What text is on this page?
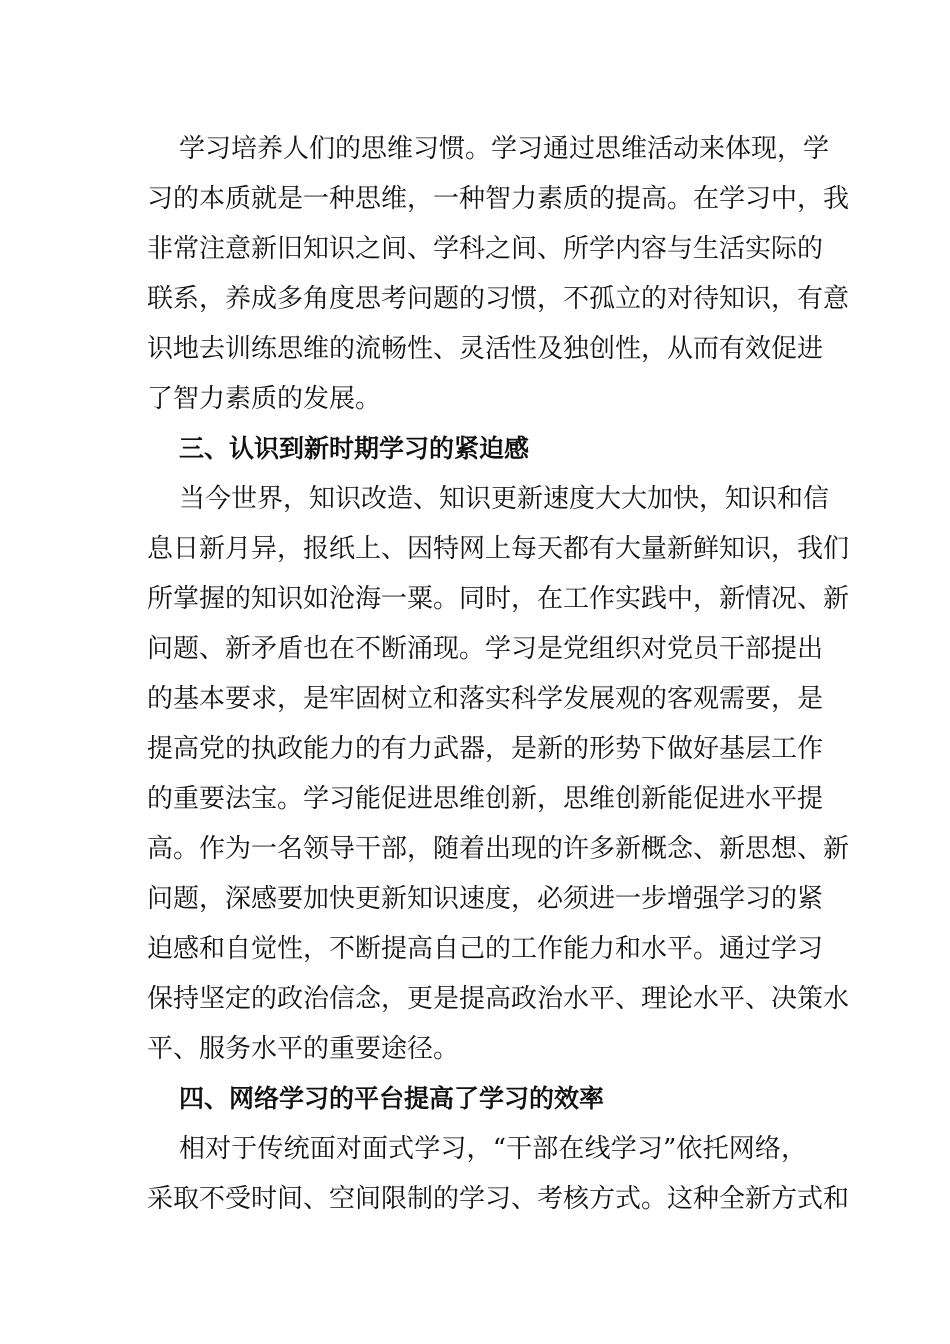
学习培养人们的思维习惯。学习通过思维活动来体现，学
习的本质就是一种思维，一种智力素质的提高。在学习中，我
非常注意新旧知识之间、学科之间、所学内容与生活实际的
联系，养成多角度思考问题的习惯，不孤立的对待知识，有意
识地去训练思维的流畅性、灵活性及独创性，从而有效促进
了智力素质的发展。
三、认识到新时期学习的紧迫感
当今世界，知识改造、知识更新速度大大加快，知识和信
息日新月异，报纸上、因特网上每天都有大量新鲜知识，我们
所掌握的知识如沧海一粟。同时，在工作实践中，新情况、新
问题、新矛盾也在不断涌现。学习是党组织对党员干部提出
的基本要求，是牢固树立和落实科学发展观的客观需要，是
提高党的执政能力的有力武器，是新的形势下做好基层工作
的重要法宝。学习能促进思维创新，思维创新能促进水平提
高。作为一名领导干部，随着出现的许多新概念、新思想、新
问题，深感要加快更新知识速度，必须进一步增强学习的紧
迫感和自觉性，不断提高自己的工作能力和水平。通过学习
保持坚定的政治信念，更是提高政治水平、理论水平、决策水
平、服务水平的重要途径。
四、网络学习的平台提高了学习的效率
相对于传统面对面式学习，“干部在线学习”依托网络，
采取不受时间、空间限制的学习、考核方式。这种全新方式和
